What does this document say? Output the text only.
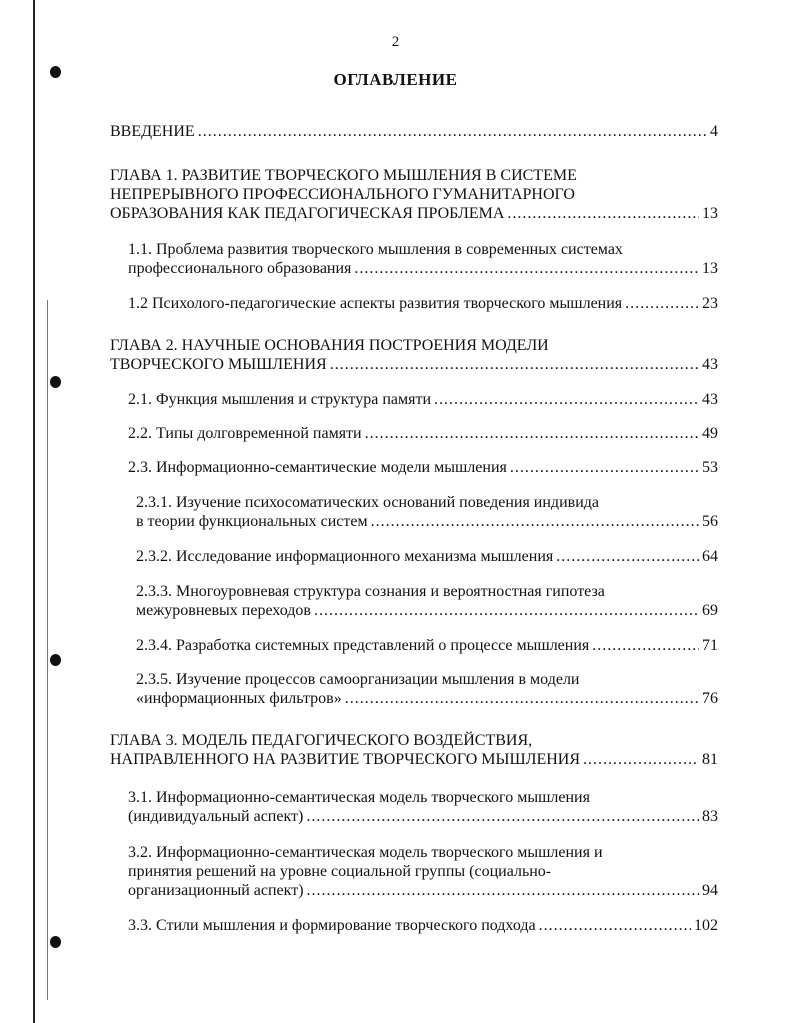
2
ОГЛАВЛЕНИЕ
ВВЕДЕНИЕ .....	4
ГЛАВА 1. РАЗВИТИЕ ТВОРЧЕСКОГО МЫШЛЕНИЯ В СИСТЕМЕ
НЕПРЕРЫВНОГО ПРОФЕССИОНАЛЬНОГО ГУМАНИТАРНОГО
ОБРАЗОВАНИЯ КАК ПЕДАГОГИЧЕСКАЯ ПРОБЛЕМА .....	13
1.1. Проблема развития творческого мышления в современных системах
профессионального образования .....	13
1.2 Психолого-педагогические аспекты развития творческого мышления .....	23
ГЛАВА 2. НАУЧНЫЕ ОСНОВАНИЯ ПОСТРОЕНИЯ МОДЕЛИ
ТВОРЧЕСКОГО МЫШЛЕНИЯ .....	43
2.1. Функция мышления и структура памяти .....	43
2.2. Типы долговременной памяти .....	49
2.3. Информационно-семантические модели мышления .....	53
2.3.1. Изучение психосоматических оснований поведения индивида
в теории функциональных систем .....	56
2.3.2. Исследование информационного механизма мышления .....	64
2.3.3. Многоуровневая структура сознания и вероятностная гипотеза
межуровневых переходов .....	69
2.3.4. Разработка системных представлений о процессе мышления .....	71
2.3.5. Изучение процессов самоорганизации мышления в модели
«информационных фильтров» .....	76
ГЛАВА 3. МОДЕЛЬ ПЕДАГОГИЧЕСКОГО ВОЗДЕЙСТВИЯ,
НАПРАВЛЕННОГО НА РАЗВИТИЕ ТВОРЧЕСКОГО МЫШЛЕНИЯ .....	81
3.1. Информационно-семантическая модель творческого мышления
(индивидуальный аспект) .....	83
3.2. Информационно-семантическая модель творческого мышления и
принятия решений на уровне социальной группы (социально-
организационный аспект) .....	94
3.3. Стили мышления и формирование творческого подхода .....	102
